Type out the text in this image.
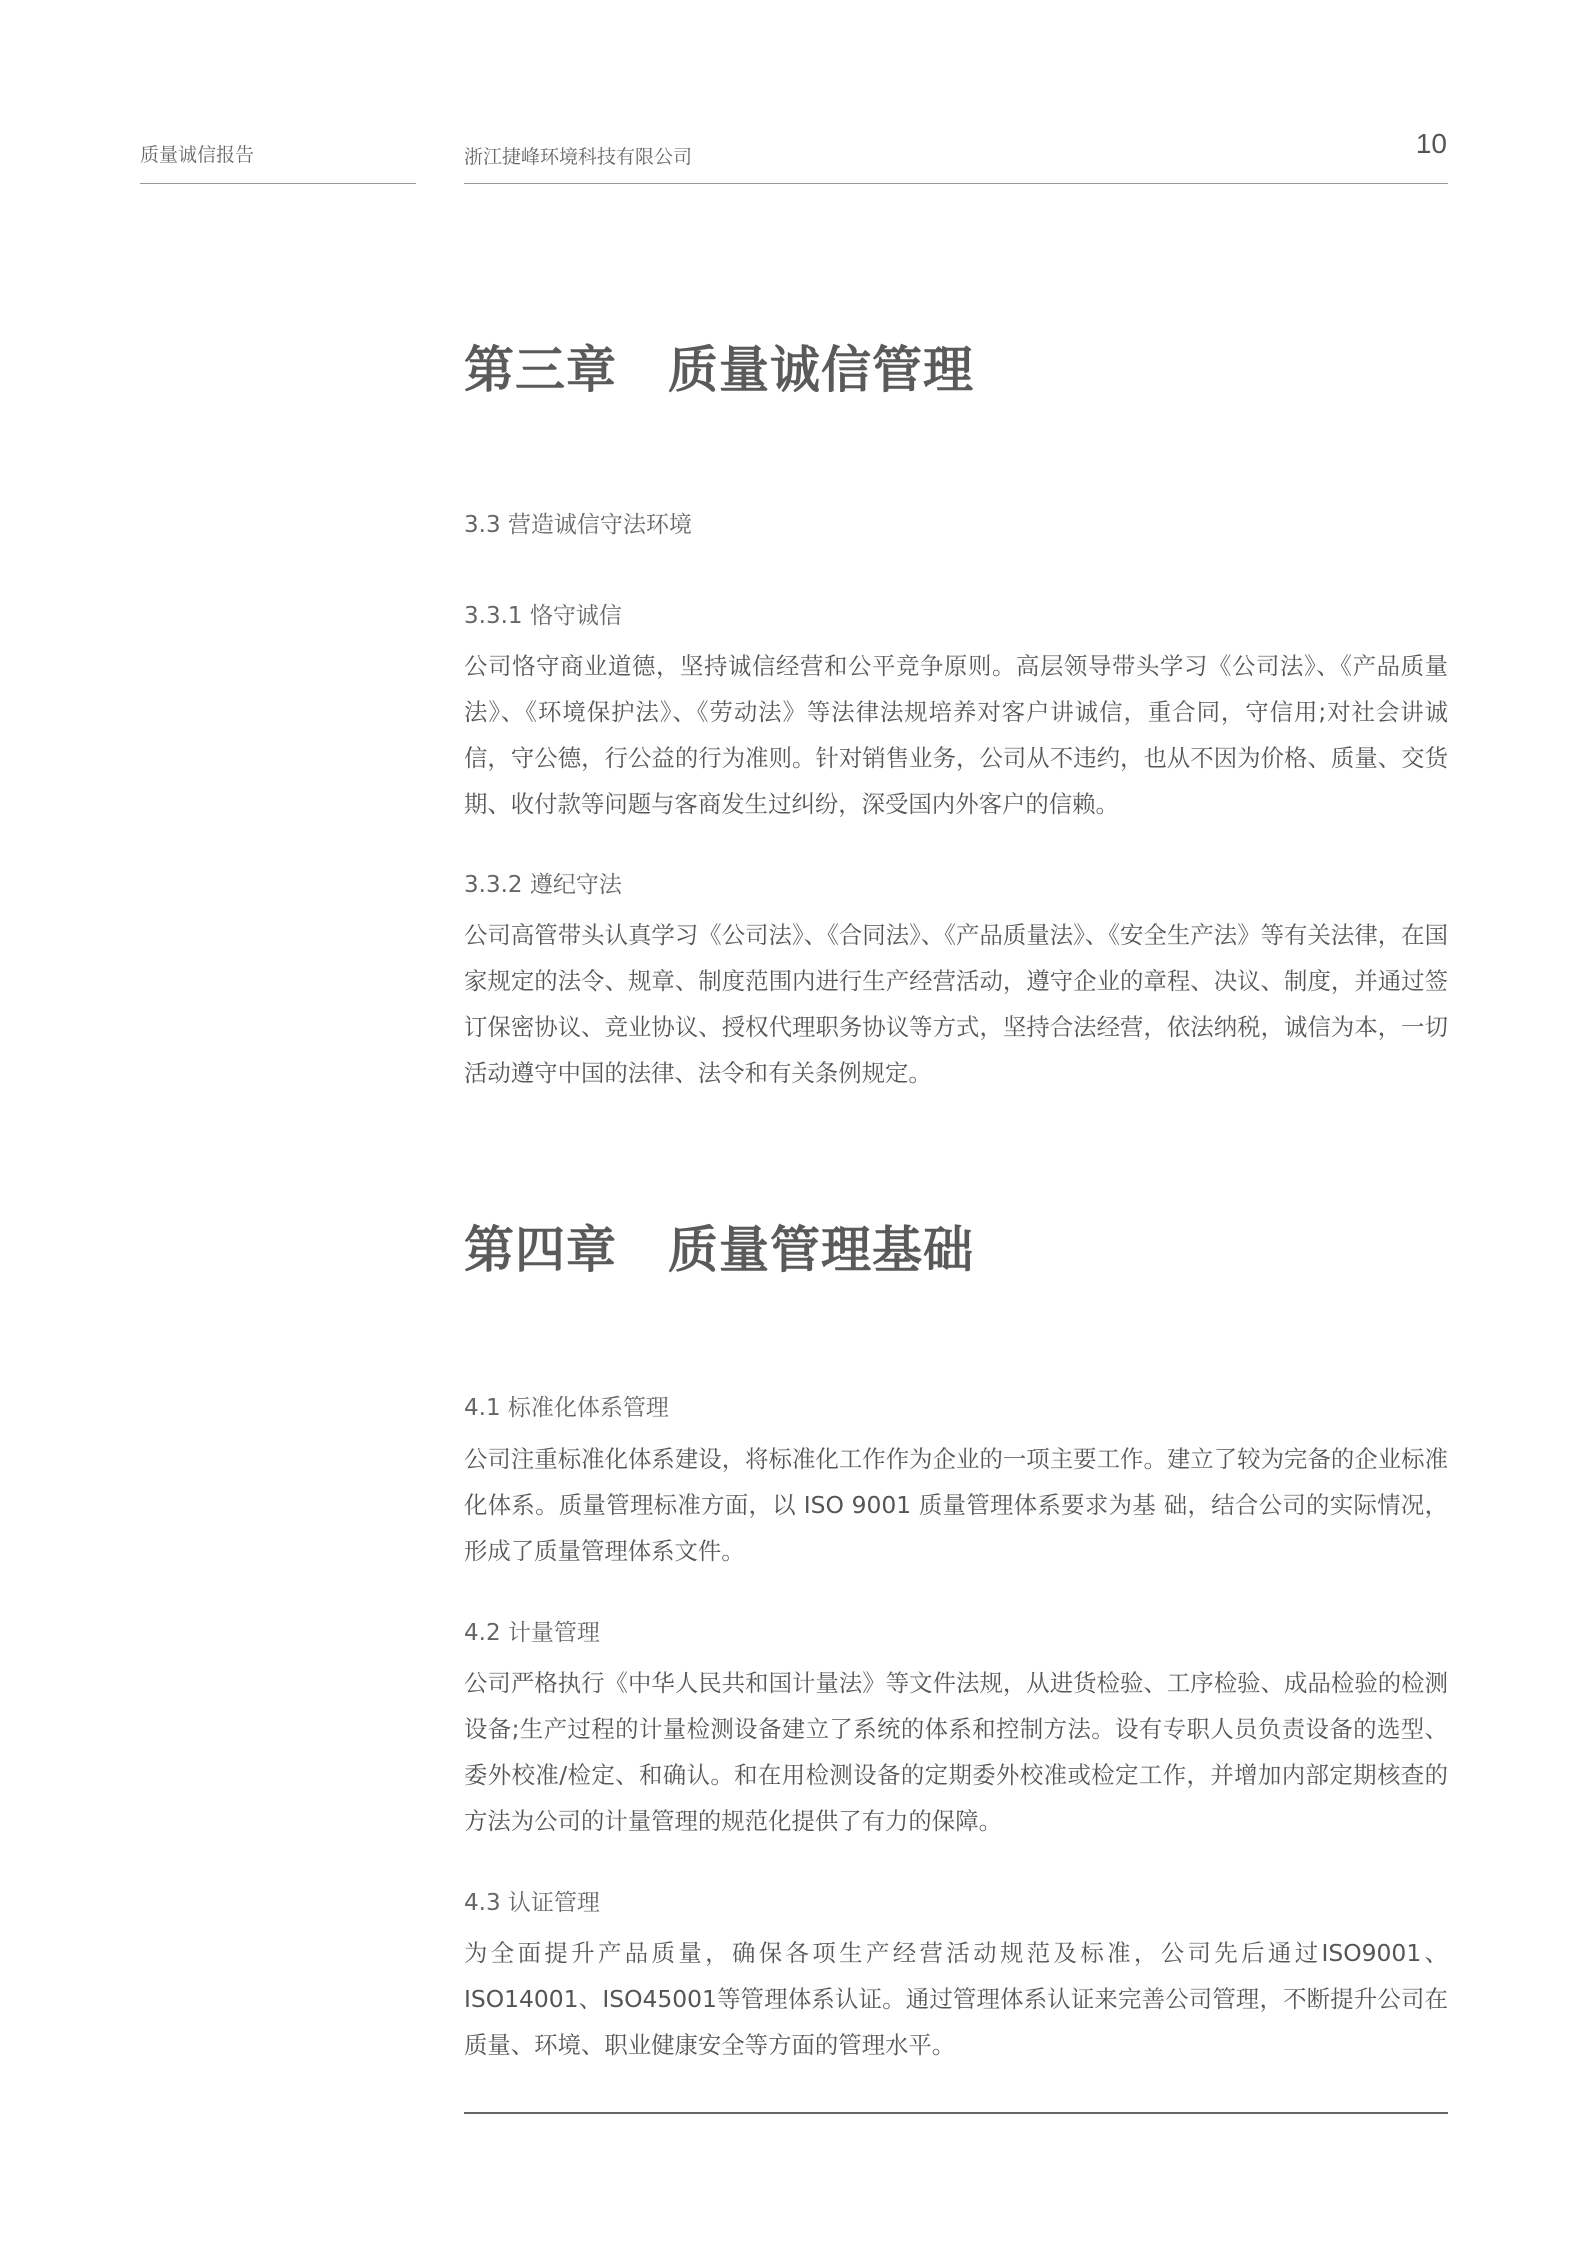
质量诚信报告	浙江捷峰环境科技有限公司	10
第三章　质量诚信管理
3.3 营造诚信守法环境
3.3.1 恪守诚信
公司恪守商业道德，坚持诚信经营和公平竞争原则。高层领导带头学习《公司法》、《产品质量法》、《环境保护法》、《劳动法》等法律法规培养对客户讲诚信，重合同，守信用;对社会讲诚信，守公德，行公益的行为准则。针对销售业务，公司从不违约，也从不因为价格、质量、交货期、收付款等问题与客商发生过纠纷，深受国内外客户的信赖。
3.3.2 遵纪守法
公司高管带头认真学习《公司法》、《合同法》、《产品质量法》、《安全生产法》等有关法律，在国家规定的法令、规章、制度范围内进行生产经营活动，遵守企业的章程、决议、制度，并通过签订保密协议、竞业协议、授权代理职务协议等方式，坚持合法经营，依法纳税，诚信为本，一切活动遵守中国的法律、法令和有关条例规定。
第四章　质量管理基础
4.1 标准化体系管理
公司注重标准化体系建设，将标准化工作作为企业的一项主要工作。建立了较为完备的企业标准化体系。质量管理标准方面，以 ISO 9001 质量管理体系要求为基 础，结合公司的实际情况，形成了质量管理体系文件。
4.2 计量管理
公司严格执行《中华人民共和国计量法》等文件法规，从进货检验、工序检验、成品检验的检测设备;生产过程的计量检测设备建立了系统的体系和控制方法。设有专职人员负责设备的选型、委外校准/检定、和确认。和在用检测设备的定期委外校准或检定工作，并增加内部定期核查的方法为公司的计量管理的规范化提供了有力的保障。
4.3 认证管理
为全面提升产品质量，确保各项生产经营活动规范及标准，公司先后通过ISO9001、ISO14001、ISO45001等管理体系认证。通过管理体系认证来完善公司管理，不断提升公司在质量、环境、职业健康安全等方面的管理水平。
